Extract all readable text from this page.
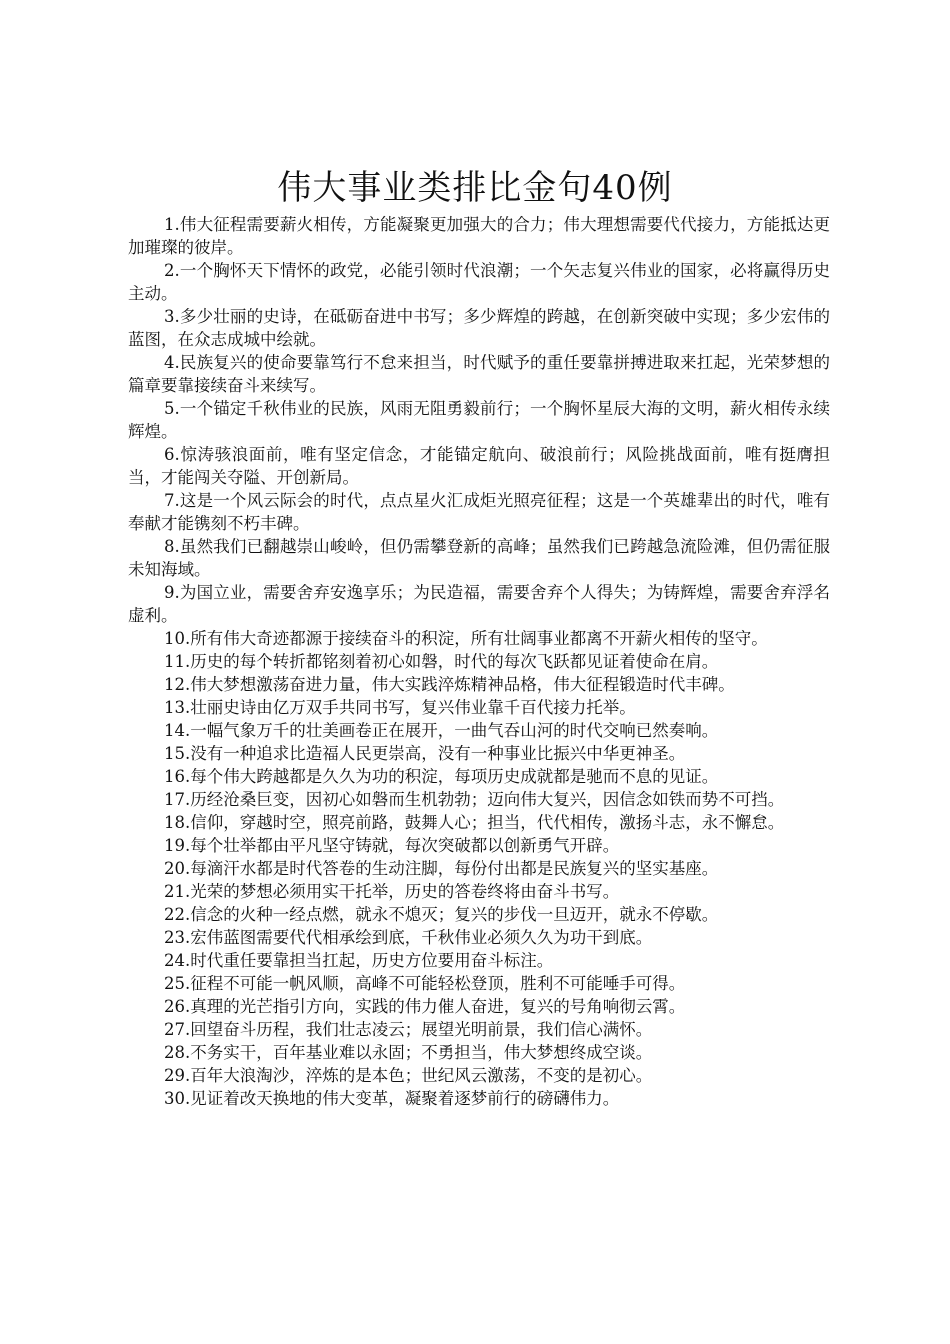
伟大事业类排比金句40例

1.伟大征程需要薪火相传，方能凝聚更加强大的合力；伟大理想需要代代接力，方能抵达更加璀璨的彼岸。

2.一个胸怀天下情怀的政党，必能引领时代浪潮；一个矢志复兴伟业的国家，必将赢得历史主动。

3.多少壮丽的史诗，在砥砺奋进中书写；多少辉煌的跨越，在创新突破中实现；多少宏伟的蓝图，在众志成城中绘就。

4.民族复兴的使命要靠笃行不怠来担当，时代赋予的重任要靠拼搏进取来扛起，光荣梦想的篇章要靠接续奋斗来续写。

5.一个锚定千秋伟业的民族，风雨无阻勇毅前行；一个胸怀星辰大海的文明，薪火相传永续辉煌。

6.惊涛骇浪面前，唯有坚定信念，才能锚定航向、破浪前行；风险挑战面前，唯有挺膺担当，才能闯关夺隘、开创新局。

7.这是一个风云际会的时代，点点星火汇成炬光照亮征程；这是一个英雄辈出的时代，唯有奉献才能镌刻不朽丰碑。

8.虽然我们已翻越崇山峻岭，但仍需攀登新的高峰；虽然我们已跨越急流险滩，但仍需征服未知海域。

9.为国立业，需要舍弃安逸享乐；为民造福，需要舍弃个人得失；为铸辉煌，需要舍弃浮名虚利。

10.所有伟大奇迹都源于接续奋斗的积淀，所有壮阔事业都离不开薪火相传的坚守。

11.历史的每个转折都铭刻着初心如磐，时代的每次飞跃都见证着使命在肩。

12.伟大梦想激荡奋进力量，伟大实践淬炼精神品格，伟大征程锻造时代丰碑。

13.壮丽史诗由亿万双手共同书写，复兴伟业靠千百代接力托举。

14.一幅气象万千的壮美画卷正在展开，一曲气吞山河的时代交响已然奏响。

15.没有一种追求比造福人民更崇高，没有一种事业比振兴中华更神圣。

16.每个伟大跨越都是久久为功的积淀，每项历史成就都是驰而不息的见证。

17.历经沧桑巨变，因初心如磐而生机勃勃；迈向伟大复兴，因信念如铁而势不可挡。

18.信仰，穿越时空，照亮前路，鼓舞人心；担当，代代相传，激扬斗志，永不懈怠。

19.每个壮举都由平凡坚守铸就，每次突破都以创新勇气开辟。

20.每滴汗水都是时代答卷的生动注脚，每份付出都是民族复兴的坚实基座。

21.光荣的梦想必须用实干托举，历史的答卷终将由奋斗书写。

22.信念的火种一经点燃，就永不熄灭；复兴的步伐一旦迈开，就永不停歇。

23.宏伟蓝图需要代代相承绘到底，千秋伟业必须久久为功干到底。

24.时代重任要靠担当扛起，历史方位要用奋斗标注。

25.征程不可能一帆风顺，高峰不可能轻松登顶，胜利不可能唾手可得。

26.真理的光芒指引方向，实践的伟力催人奋进，复兴的号角响彻云霄。

27.回望奋斗历程，我们壮志凌云；展望光明前景，我们信心满怀。

28.不务实干，百年基业难以永固；不勇担当，伟大梦想终成空谈。

29.百年大浪淘沙，淬炼的是本色；世纪风云激荡，不变的是初心。

30.见证着改天换地的伟大变革，凝聚着逐梦前行的磅礴伟力。
